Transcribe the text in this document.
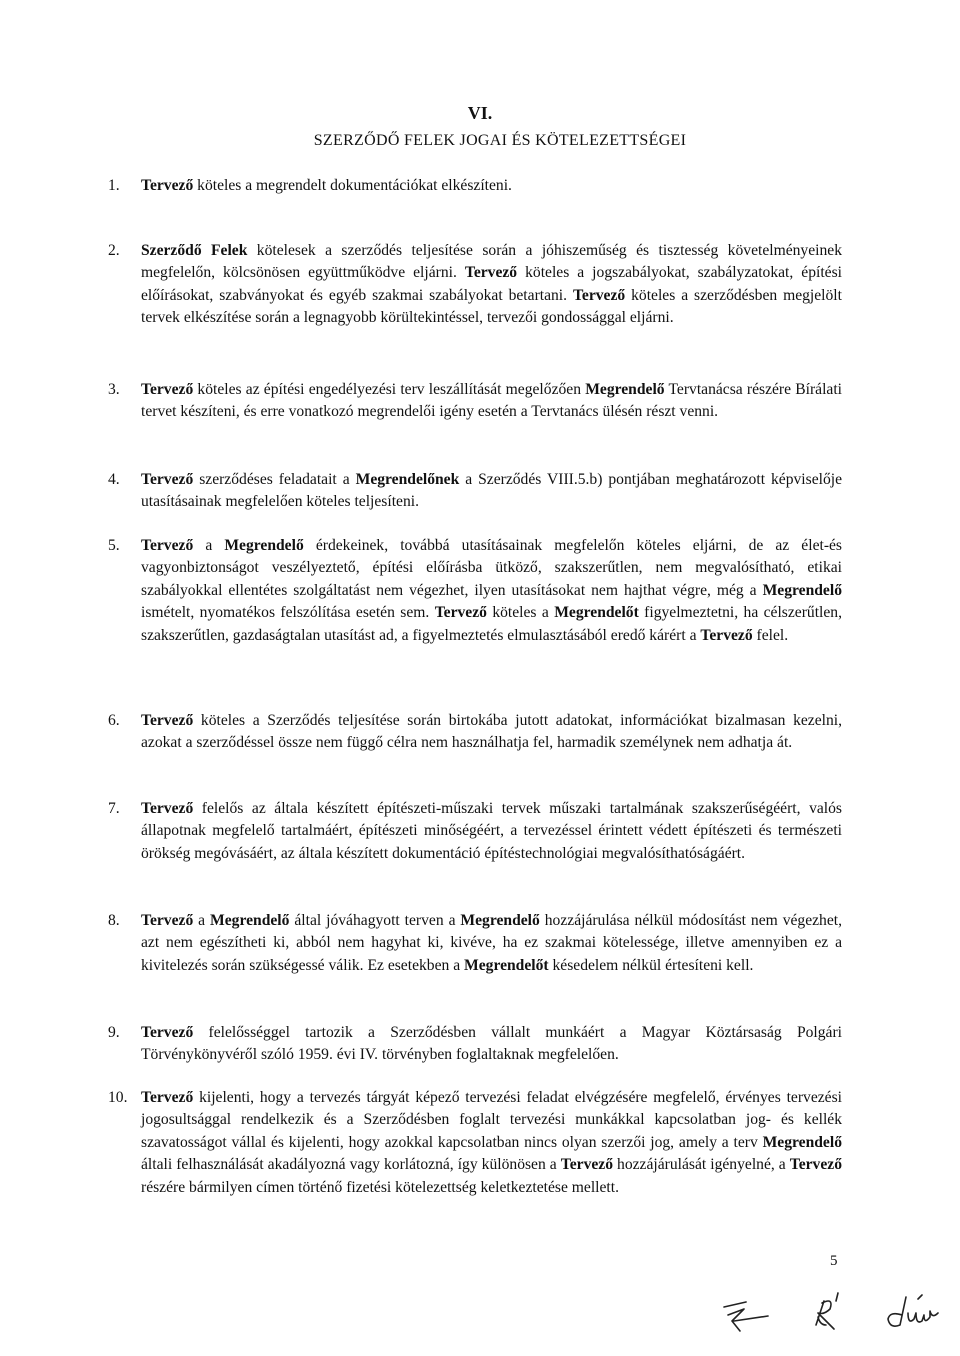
VI.
SZERZŐDŐ FELEK JOGAI ÉS KÖTELEZETTSÉGEI
1. Tervező köteles a megrendelt dokumentációkat elkészíteni.
2. Szerződő Felek kötelesek a szerződés teljesítése során a jóhiszeműség és tisztesség követelményeinek megfelelőn, kölcsönösen együttműködve eljárni. Tervező köteles a jogszabályokat, szabályzatokat, építési előírásokat, szabványokat és egyéb szakmai szabályokat betartani. Tervező köteles a szerződésben megjelölt tervek elkészítése során a legnagyobb körültekintéssel, tervezői gondossággal eljárni.
3. Tervező köteles az építési engedélyezési terv leszállítását megelőzően Megrendelő Tervtanácsa részére Bírálati tervet készíteni, és erre vonatkozó megrendelői igény esetén a Tervtanács ülésén részt venni.
4. Tervező szerződéses feladatait a Megrendelőnek a Szerződés VIII.5.b) pontjában meghatározott képviselője utasításainak megfelelően köteles teljesíteni.
5. Tervező a Megrendelő érdekeinek, továbbá utasításainak megfelelőn köteles eljárni, de az élet-és vagyonbiztonságot veszélyeztető, építési előírásba ütköző, szakszerűtlen, nem megvalósítható, etikai szabályokkal ellentétes szolgáltatást nem végezhet, ilyen utasításokat nem hajthat végre, még a Megrendelő ismételt, nyomatékos felszólítása esetén sem. Tervező köteles a Megrendelőt figyelmeztetni, ha célszerűtlen, szakszerűtlen, gazdaságtalan utasítást ad, a figyelmeztetés elmulasztásából eredő kárért a Tervező felel.
6. Tervező köteles a Szerződés teljesítése során birtokába jutott adatokat, információkat bizalmasan kezelni, azokat a szerződéssel össze nem függő célra nem használhatja fel, harmadik személynek nem adhatja át.
7. Tervező felelős az általa készített építészeti-műszaki tervek műszaki tartalmának szakszerűségéért, valós állapotnak megfelelő tartalmáért, építészeti minőségéért, a tervezéssel érintett védett építészeti és természeti örökség megóvásáért, az általa készített dokumentáció építéstechnológiai megvalósíthatóságáért.
8. Tervező a Megrendelő által jóváhagyott terven a Megrendelő hozzájárulása nélkül módosítást nem végezhet, azt nem egészítheti ki, abból nem hagyhat ki, kivéve, ha ez szakmai kötelessége, illetve amennyiben ez a kivitelezés során szükségessé válik. Ez esetekben a Megrendelőt késedelem nélkül értesíteni kell.
9. Tervező felelősséggel tartozik a Szerződésben vállalt munkáért a Magyar Köztársaság Polgári Törvénykönyvéről szóló 1959. évi IV. törvényben foglaltaknak megfelelően.
10. Tervező kijelenti, hogy a tervezés tárgyát képező tervezési feladat elvégzésére megfelelő, érvényes tervezési jogosultsággal rendelkezik és a Szerződésben foglalt tervezési munkákkal kapcsolatban jog- és kellék szavatosságot vállal és kijelenti, hogy azokkal kapcsolatban nincs olyan szerzői jog, amely a terv Megrendelő általi felhasználását akadályozná vagy korlátozná, így különösen a Tervező hozzájárulását igényelné, a Tervező részére bármilyen címen történő fizetési kötelezettség keletkeztetése mellett.
5
